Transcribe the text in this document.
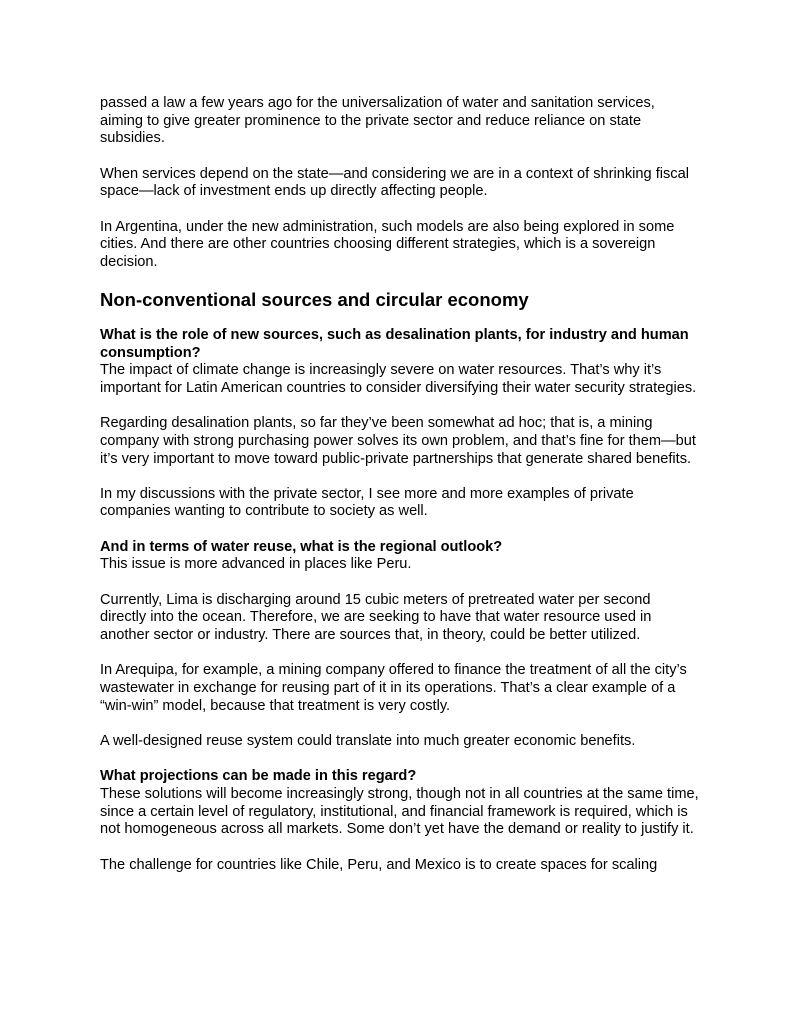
passed a law a few years ago for the universalization of water and sanitation services, aiming to give greater prominence to the private sector and reduce reliance on state subsidies.

When services depend on the state—and considering we are in a context of shrinking fiscal space—lack of investment ends up directly affecting people.

In Argentina, under the new administration, such models are also being explored in some cities. And there are other countries choosing different strategies, which is a sovereign decision.

Non-conventional sources and circular economy
What is the role of new sources, such as desalination plants, for industry and human consumption?
The impact of climate change is increasingly severe on water resources. That’s why it’s important for Latin American countries to consider diversifying their water security strategies.

Regarding desalination plants, so far they’ve been somewhat ad hoc; that is, a mining company with strong purchasing power solves its own problem, and that’s fine for them—but it’s very important to move toward public-private partnerships that generate shared benefits.

In my discussions with the private sector, I see more and more examples of private companies wanting to contribute to society as well.

And in terms of water reuse, what is the regional outlook?
This issue is more advanced in places like Peru.

Currently, Lima is discharging around 15 cubic meters of pretreated water per second directly into the ocean. Therefore, we are seeking to have that water resource used in another sector or industry. There are sources that, in theory, could be better utilized.

In Arequipa, for example, a mining company offered to finance the treatment of all the city’s wastewater in exchange for reusing part of it in its operations. That’s a clear example of a “win-win” model, because that treatment is very costly.

A well-designed reuse system could translate into much greater economic benefits.

What projections can be made in this regard?
These solutions will become increasingly strong, though not in all countries at the same time, since a certain level of regulatory, institutional, and financial framework is required, which is not homogeneous across all markets. Some don’t yet have the demand or reality to justify it.

The challenge for countries like Chile, Peru, and Mexico is to create spaces for scaling
